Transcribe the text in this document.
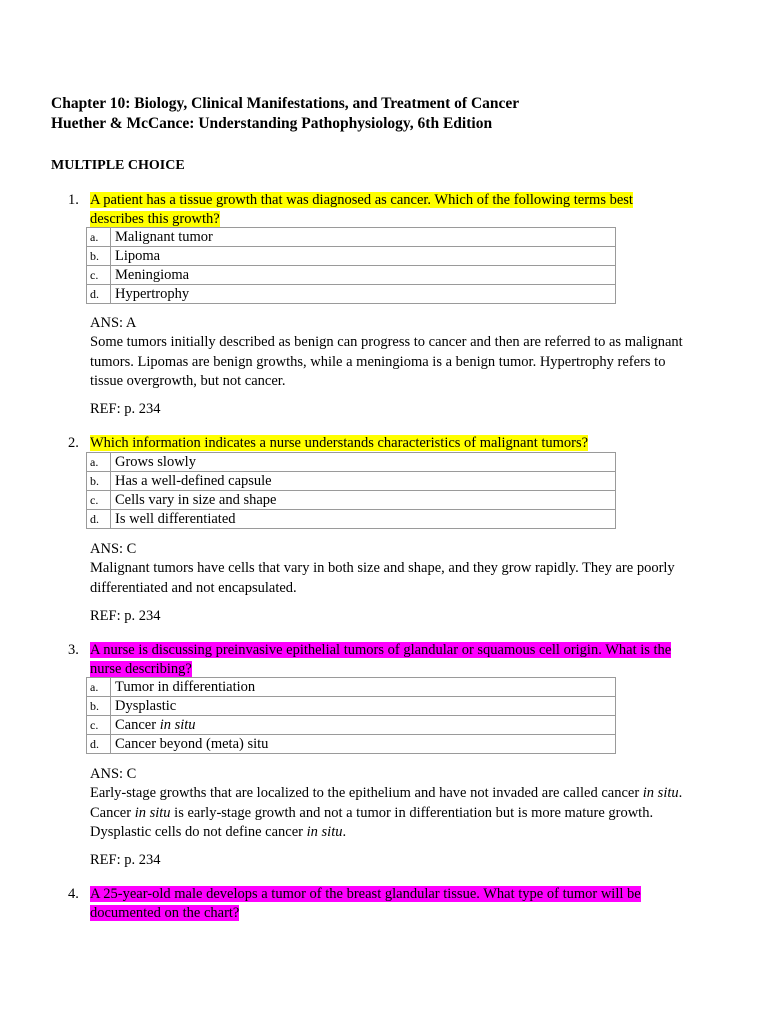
Chapter 10: Biology, Clinical Manifestations, and Treatment of Cancer
Huether & McCance: Understanding Pathophysiology, 6th Edition
MULTIPLE CHOICE
1. A patient has a tissue growth that was diagnosed as cancer. Which of the following terms best
describes this growth?
a.	Malignant tumor
b.	Lipoma
c.	Meningioma
d.	Hypertrophy
ANS: A
Some tumors initially described as benign can progress to cancer and then are referred to as malignant
tumors. Lipomas are benign growths, while a meningioma is a benign tumor. Hypertrophy refers to
tissue overgrowth, but not cancer.
REF: p. 234
2. Which information indicates a nurse understands characteristics of malignant tumors?
a.	Grows slowly
b.	Has a well-defined capsule
c.	Cells vary in size and shape
d.	Is well differentiated
ANS: C
Malignant tumors have cells that vary in both size and shape, and they grow rapidly. They are poorly
differentiated and not encapsulated.
REF: p. 234
3. A nurse is discussing preinvasive epithelial tumors of glandular or squamous cell origin. What is the
nurse describing?
a.	Tumor in differentiation
b.	Dysplastic
c.	Cancer in situ
d.	Cancer beyond (meta) situ
ANS: C
Early-stage growths that are localized to the epithelium and have not invaded are called cancer in situ.
Cancer in situ is early-stage growth and not a tumor in differentiation but is more mature growth.
Dysplastic cells do not define cancer in situ.
REF: p. 234
4. A 25-year-old male develops a tumor of the breast glandular tissue. What type of tumor will be
documented on the chart?
